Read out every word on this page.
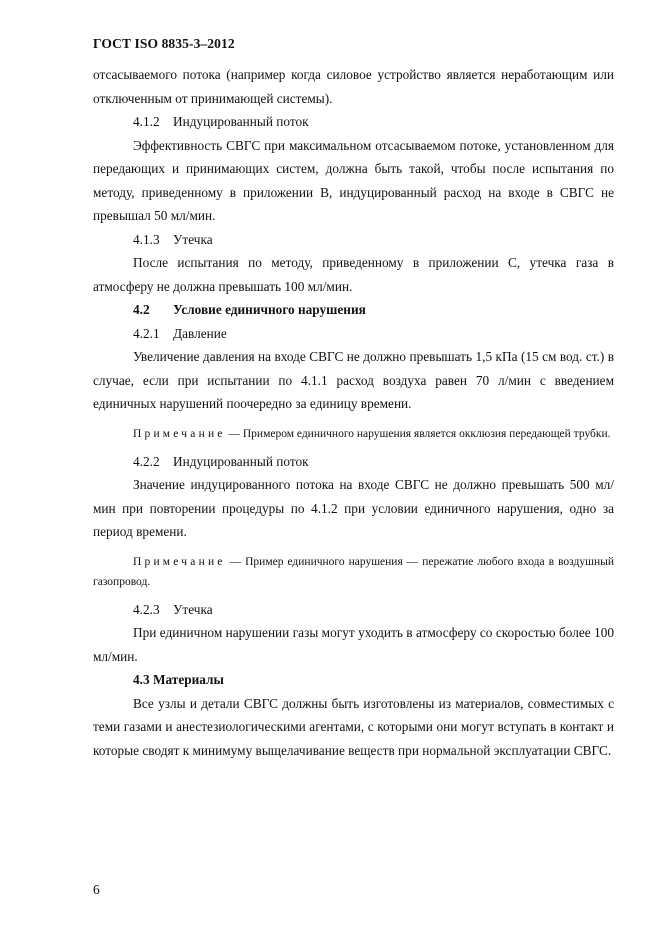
ГОСТ ISO 8835-3–2012

отсасываемого потока (например когда силовое устройство является неработающим или отключенным от принимающей системы).

4.1.2 Индуцированный поток

Эффективность СВГС при максимальном отсасываемом потоке, установленном для передающих и принимающих систем, должна быть такой, чтобы после испытания по методу, приведенному в приложении В, индуцированный расход на входе в СВГС не превышал 50 мл/мин.

4.1.3 Утечка

После испытания по методу, приведенному в приложении С, утечка газа в атмосферу не должна превышать 100 мл/мин.

4.2 Условие единичного нарушения

4.2.1 Давление

Увеличение давления на входе СВГС не должно превышать 1,5 кПа (15 см вод. ст.) в случае, если при испытании по 4.1.1 расход воздуха равен 70 л/мин с введением единичных нарушений поочередно за единицу времени.

Примечание — Примером единичного нарушения является окклюзия передающей трубки.

4.2.2 Индуцированный поток

Значение индуцированного потока на входе СВГС не должно превышать 500 мл/мин при повторении процедуры по 4.1.2 при условии единичного нарушения, одно за период времени.

Примечание — Пример единичного нарушения — пережатие любого входа в воздушный газопровод.

4.2.3 Утечка

При единичном нарушении газы могут уходить в атмосферу со скоростью более 100 мл/мин.

4.3 Материалы

Все узлы и детали СВГС должны быть изготовлены из материалов, совместимых с теми газами и анестезиологическими агентами, с которыми они могут вступать в контакт и которые сводят к минимуму выщелачивание веществ при нормальной эксплуатации СВГС.

6
